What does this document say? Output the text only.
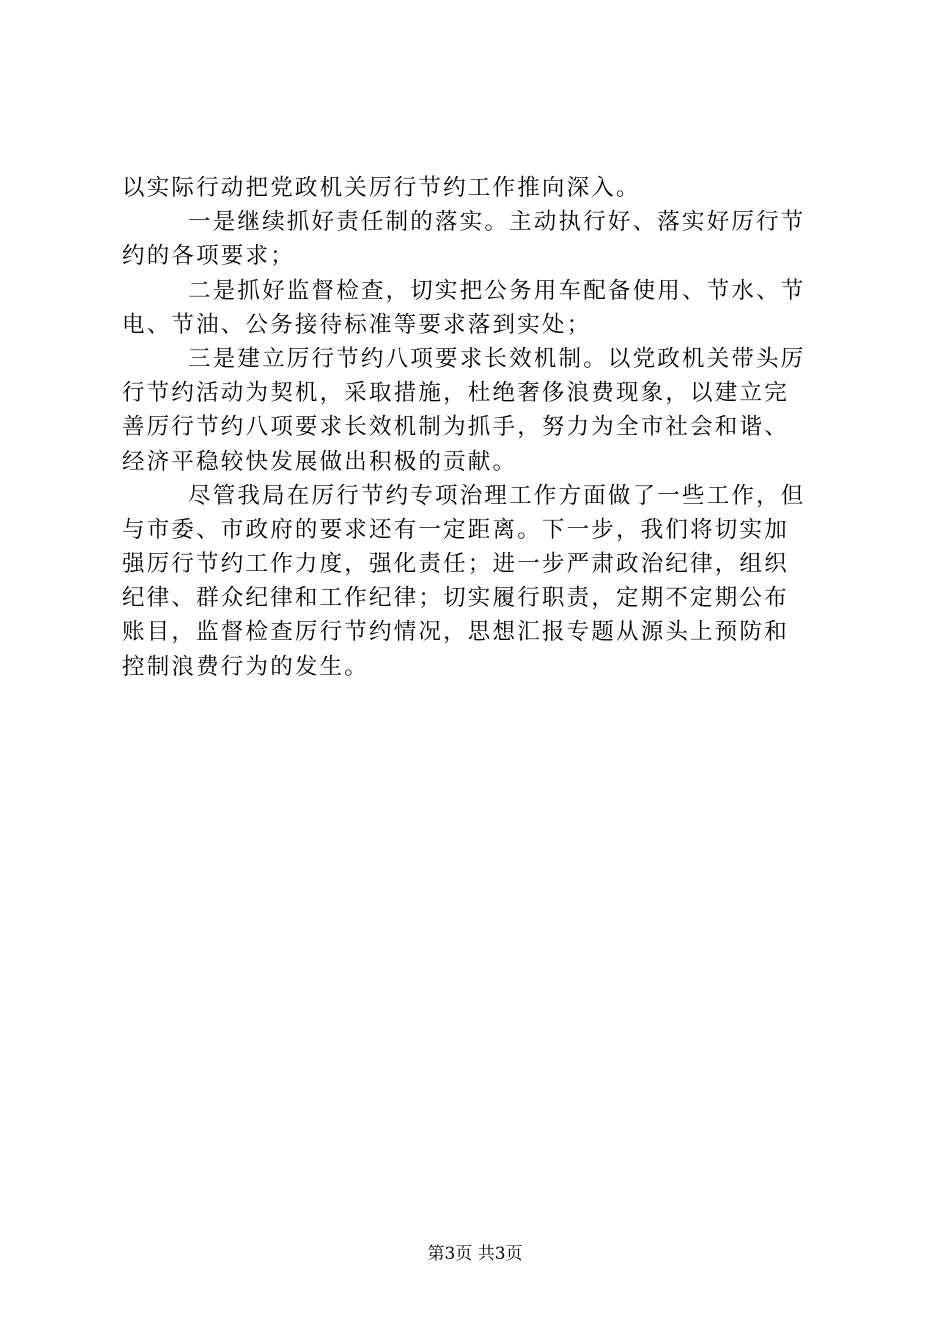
以实际行动把党政机关厉行节约工作推向深入。
一是继续抓好责任制的落实。主动执行好、落实好厉行节
约的各项要求；
二是抓好监督检查，切实把公务用车配备使用、节水、节
电、节油、公务接待标准等要求落到实处；
三是建立厉行节约八项要求长效机制。以党政机关带头厉
行节约活动为契机，采取措施，杜绝奢侈浪费现象，以建立完
善厉行节约八项要求长效机制为抓手，努力为全市社会和谐、
经济平稳较快发展做出积极的贡献。
尽管我局在厉行节约专项治理工作方面做了一些工作，但
与市委、市政府的要求还有一定距离。下一步，我们将切实加
强厉行节约工作力度，强化责任；进一步严肃政治纪律，组织
纪律、群众纪律和工作纪律；切实履行职责，定期不定期公布
账目，监督检查厉行节约情况，思想汇报专题从源头上预防和
控制浪费行为的发生。
第3页 共3页
